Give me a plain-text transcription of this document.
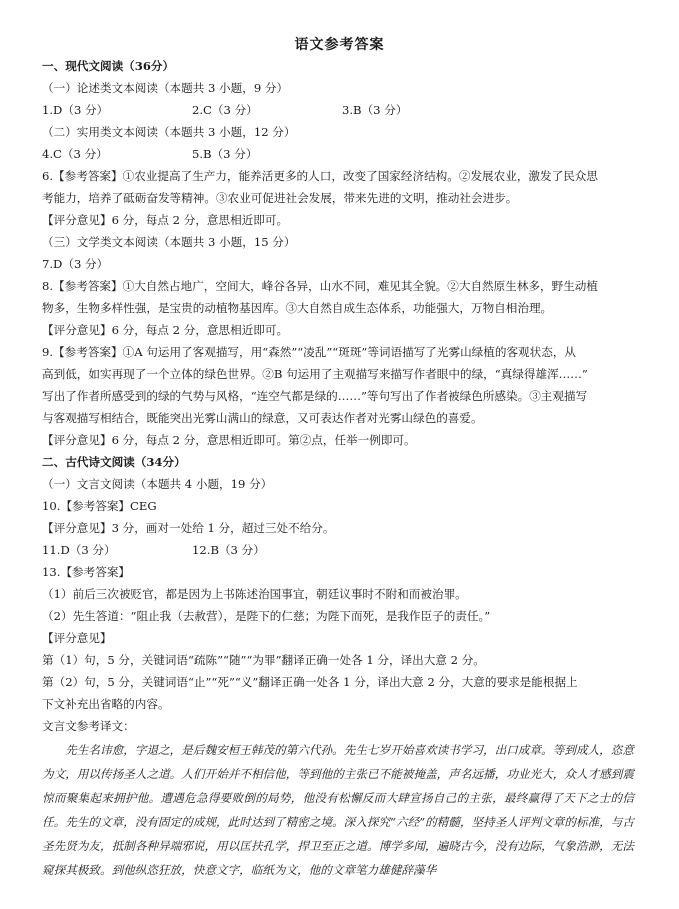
语文参考答案
一、现代文阅读（36分）
（一）论述类文本阅读（本题共 3 小题，9 分）
1.D（3 分）	2.C（3 分）	3.B（3 分）
（二）实用类文本阅读（本题共 3 小题，12 分）
4.C（3 分）	5.B（3 分）
6.【参考答案】①农业提高了生产力，能养活更多的人口，改变了国家经济结构。②发展农业，激发了民众思
考能力，培养了砥砺奋发等精神。③农业可促进社会发展，带来先进的文明，推动社会进步。
【评分意见】6 分，每点 2 分，意思相近即可。
（三）文学类文本阅读（本题共 3 小题，15 分）
7.D（3 分）
8.【参考答案】①大自然占地广，空间大，峰谷各异，山水不同，难见其全貌。②大自然原生林多，野生动植
物多，生物多样性强，是宝贵的动植物基因库。③大自然自成生态体系，功能强大，万物自相治理。
【评分意见】6 分，每点 2 分，意思相近即可。
9.【参考答案】①A 句运用了客观描写，用“森然”“凌乱”“斑斑”等词语描写了光雾山绿植的客观状态，从
高到低，如实再现了一个立体的绿色世界。②B 句运用了主观描写来描写作者眼中的绿，“真绿得雄浑……”
写出了作者所感受到的绿的气势与风格，“连空气都是绿的……”等句写出了作者被绿色所感染。③主观描写
与客观描写相结合，既能突出光雾山满山的绿意，又可表达作者对光雾山绿色的喜爱。
【评分意见】6 分，每点 2 分，意思相近即可。第②点，任举一例即可。
二、古代诗文阅读（34分）
（一）文言文阅读（本题共 4 小题，19 分）
10.【参考答案】CEG
【评分意见】3 分，画对一处给 1 分，超过三处不给分。
11.D（3 分）	12.B（3 分）
13.【参考答案】
（1）前后三次被贬官，都是因为上书陈述治国事宜，朝廷议事时不附和而被治罪。
（2）先生答道：“阻止我（去赦营），是陛下的仁慈；为陛下而死，是我作臣子的责任。”
【评分意见】
第（1）句，5 分，关键词语“疏陈”“随”“为罪”翻译正确一处各 1 分，译出大意 2 分。
第（2）句，5 分，关键词语“止”“死”“义”翻译正确一处各 1 分，译出大意 2 分，大意的要求是能根据上
下文补充出省略的内容。
文言文参考译文：

先生名讳愈，字退之，是后魏安桓王韩茂的第六代孙。先生七岁开始喜欢读书学习，出口成章。等到成人，恣意为文，用以传扬圣人之道。人们开始并不相信他，等到他的主张已不能被掩盖，声名远播，功业光大，众人才感到震惊而聚集起来拥护他。遭遇危急得要败倒的局势，他没有松懈反而大肆宣扬自己的主张，最终赢得了天下之士的信任。先生的文章，没有固定的成规，此时达到了精密之境。深入探究“六经”的精髓，坚持圣人评判文章的标准，与古圣先贤为友，抵制各种异端邪说，用以匡扶孔学，捍卫至正之道。博学多闻，遍晓古今，没有边际，气象浩渺，无法窥探其极致。到他纵恣狂放，快意文字，临纸为文，他的文章笔力雄健辞藻华
